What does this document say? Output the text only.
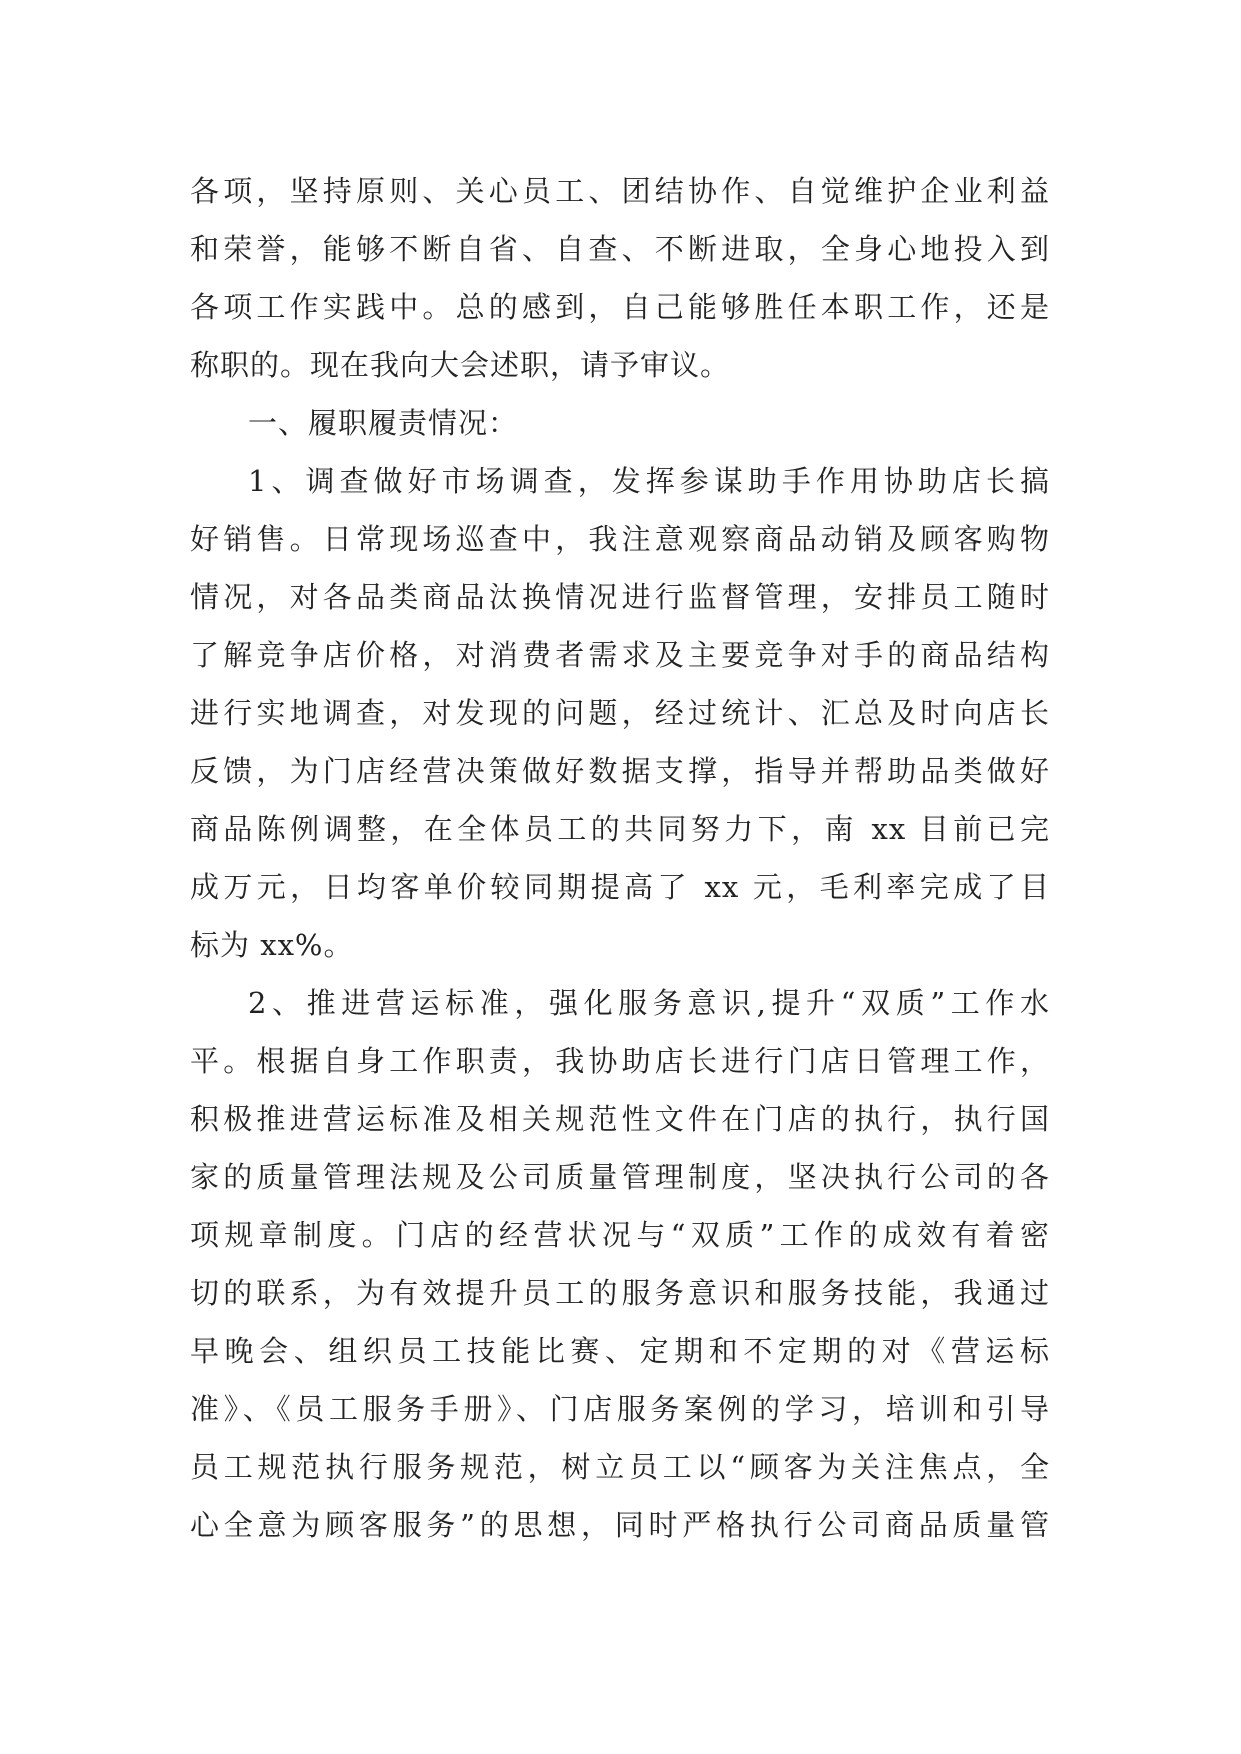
各项，坚持原则、关心员工、团结协作、自觉维护企业利益
和荣誉，能够不断自省、自查、不断进取，全身心地投入到
各项工作实践中。总的感到，自己能够胜任本职工作，还是
称职的。现在我向大会述职，请予审议。
一、履职履责情况：
1、调查做好市场调查，发挥参谋助手作用协助店长搞
好销售。日常现场巡查中，我注意观察商品动销及顾客购物
情况，对各品类商品汰换情况进行监督管理，安排员工随时
了解竞争店价格，对消费者需求及主要竞争对手的商品结构
进行实地调查，对发现的问题，经过统计、汇总及时向店长
反馈，为门店经营决策做好数据支撑，指导并帮助品类做好
商品陈例调整，在全体员工的共同努力下，南 xx 目前已完
成万元，日均客单价较同期提高了 xx 元，毛利率完成了目
标为 xx%。
2、推进营运标准，强化服务意识,提升“双质”工作水
平。根据自身工作职责，我协助店长进行门店日管理工作，
积极推进营运标准及相关规范性文件在门店的执行，执行国
家的质量管理法规及公司质量管理制度，坚决执行公司的各
项规章制度。门店的经营状况与“双质”工作的成效有着密
切的联系，为有效提升员工的服务意识和服务技能，我通过
早晚会、组织员工技能比赛、定期和不定期的对《营运标
准》、《员工服务手册》、门店服务案例的学习，培训和引导
员工规范执行服务规范，树立员工以“顾客为关注焦点，全
心全意为顾客服务”的思想，同时严格执行公司商品质量管
